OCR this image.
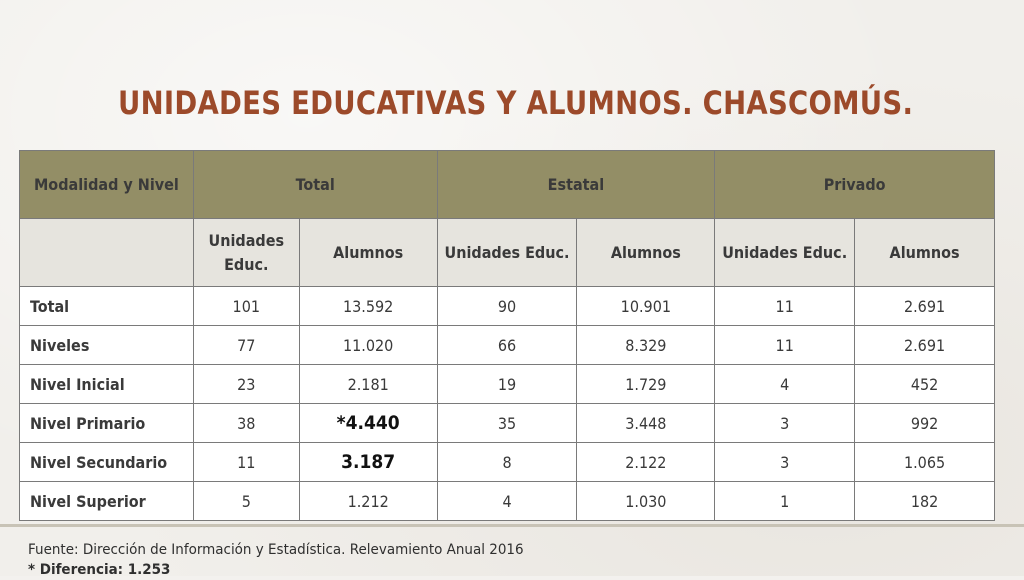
UNIDADES EDUCATIVAS Y ALUMNOS. CHASCOMÚS.
Modalidad y Nivel	Total		Estatal		Privado	
	Unidades Educ.	Alumnos	Unidades Educ.	Alumnos	Unidades Educ.	Alumnos
Total	101	13.592	90	10.901	11	2.691
Niveles	77	11.020	66	8.329	11	2.691
Nivel Inicial	23	2.181	19	1.729	4	452
Nivel Primario	38	*4.440	35	3.448	3	992
Nivel Secundario	11	3.187	8	2.122	3	1.065
Nivel Superior	5	1.212	4	1.030	1	182
Fuente: Dirección de Información y Estadística. Relevamiento Anual 2016
* Diferencia: 1.253
